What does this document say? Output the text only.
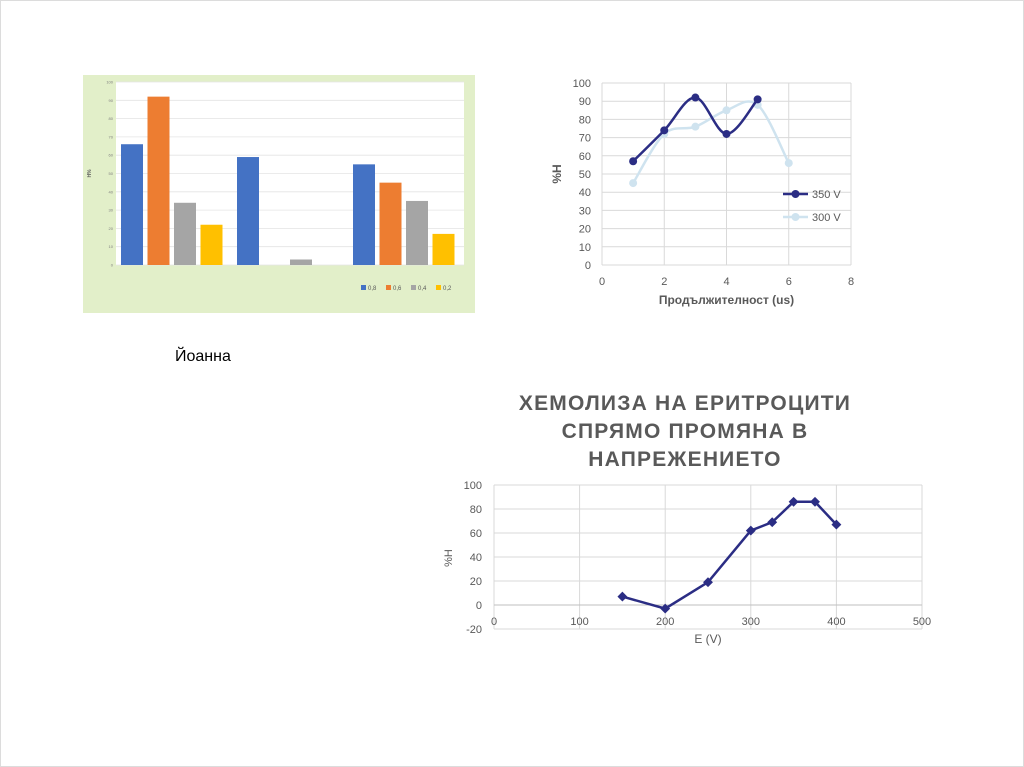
0
10
20
30
40
50
60
70
80
90
100
H%
0,8	0,6	0,4	0,2
0
10
20
30
40
50
60
70
80
90
100
0	2	4	6	8
Продължителност (us)
%H
350 V
300 V
ХЕМОЛИЗА НА ЕРИТРОЦИТИ
СПРЯМО ПРОМЯНА В
НАПРЕЖЕНИЕТО
-20
0
20
40
60
80
100
0	100	200	300	400	500
E (V)
%H
Йоанна
